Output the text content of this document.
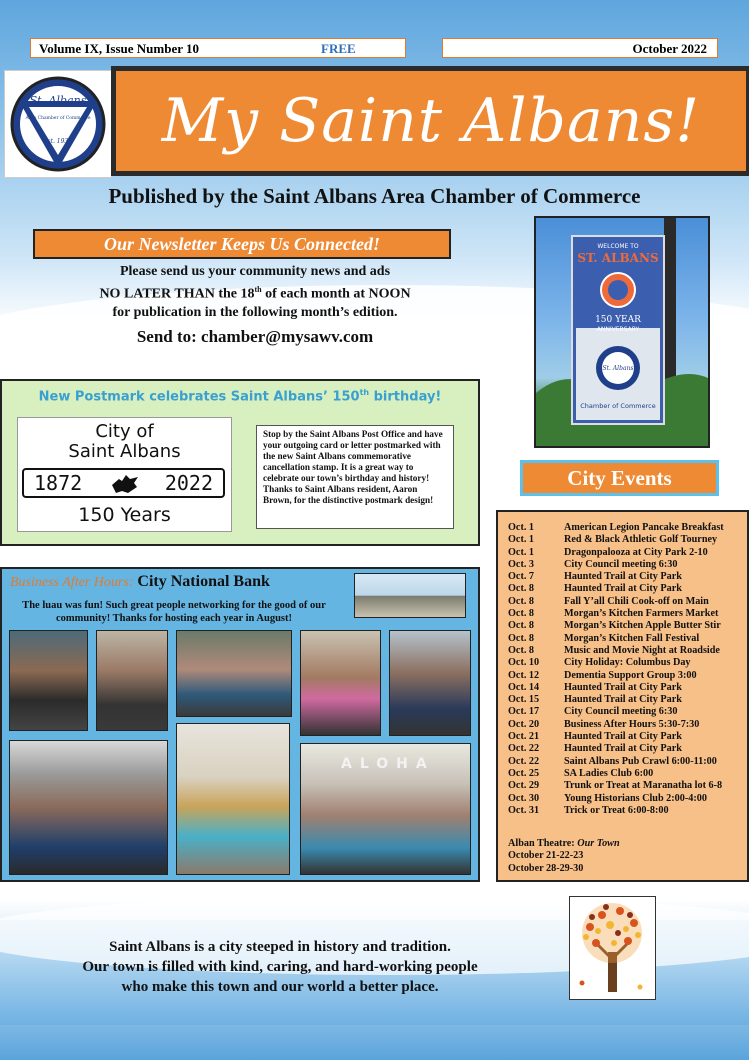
Volume IX, Issue Number 10	FREE	October 2022
St. Albans
Area Chamber of Commerce
est. 1932	My Saint Albans!
Published by the Saint Albans Area Chamber of Commerce
Our Newsletter Keeps Us Connected!
Please send us your community news and ads
NO LATER THAN the 18th of each month at NOON
for publication in the following month’s edition.
Send to: chamber@mysawv.com
WELCOME TO
ST. ALBANS
150 YEAR
ANNIVERSARY
St. Albans
Chamber of Commerce
New Postmark celebrates Saint Albans’ 150th birthday!
City of
Saint Albans
1872	2022
150 Years
Stop by the Saint Albans Post Office and have your outgoing card or letter postmarked with the new Saint Albans commemorative cancellation stamp. It is a great way to celebrate our town’s birthday and history! Thanks to Saint Albans resident, Aaron Brown, for the distinctive postmark design!
City Events
Oct. 1	American Legion Pancake Breakfast
Oct. 1	Red & Black Athletic Golf Tourney
Oct. 1	Dragonpalooza at City Park 2-10
Oct. 3	City Council meeting 6:30
Oct. 7	Haunted Trail at City Park
Oct. 8	Haunted Trail at City Park
Oct. 8	Fall Y’all Chili Cook-off on Main
Oct. 8	Morgan’s Kitchen Farmers Market
Oct. 8	Morgan’s Kitchen Apple Butter Stir
Oct. 8	Morgan’s Kitchen Fall Festival
Oct. 8	Music and Movie Night at Roadside
Oct. 10	City Holiday: Columbus Day
Oct. 12	Dementia Support Group 3:00
Oct. 14	Haunted Trail at City Park
Oct. 15	Haunted Trail at City Park
Oct. 17	City Council meeting 6:30
Oct. 20	Business After Hours 5:30-7:30
Oct. 21	Haunted Trail at City Park
Oct. 22	Haunted Trail at City Park
Oct. 22	Saint Albans Pub Crawl 6:00-11:00
Oct. 25	SA Ladies Club 6:00
Oct. 29	Trunk or Treat at Maranatha lot 6-8
Oct. 30	Young Historians Club 2:00-4:00
Oct. 31	Trick or Treat 6:00-8:00
Alban Theatre: Our Town
October 21-22-23
October 28-29-30
Business After Hours: City National Bank
The luau was fun! Such great people networking for the good of our community! Thanks for hosting each year in August!
ALOHA
Saint Albans is a city steeped in history and tradition.
Our town is filled with kind, caring, and hard-working people
who make this town and our world a better place.
